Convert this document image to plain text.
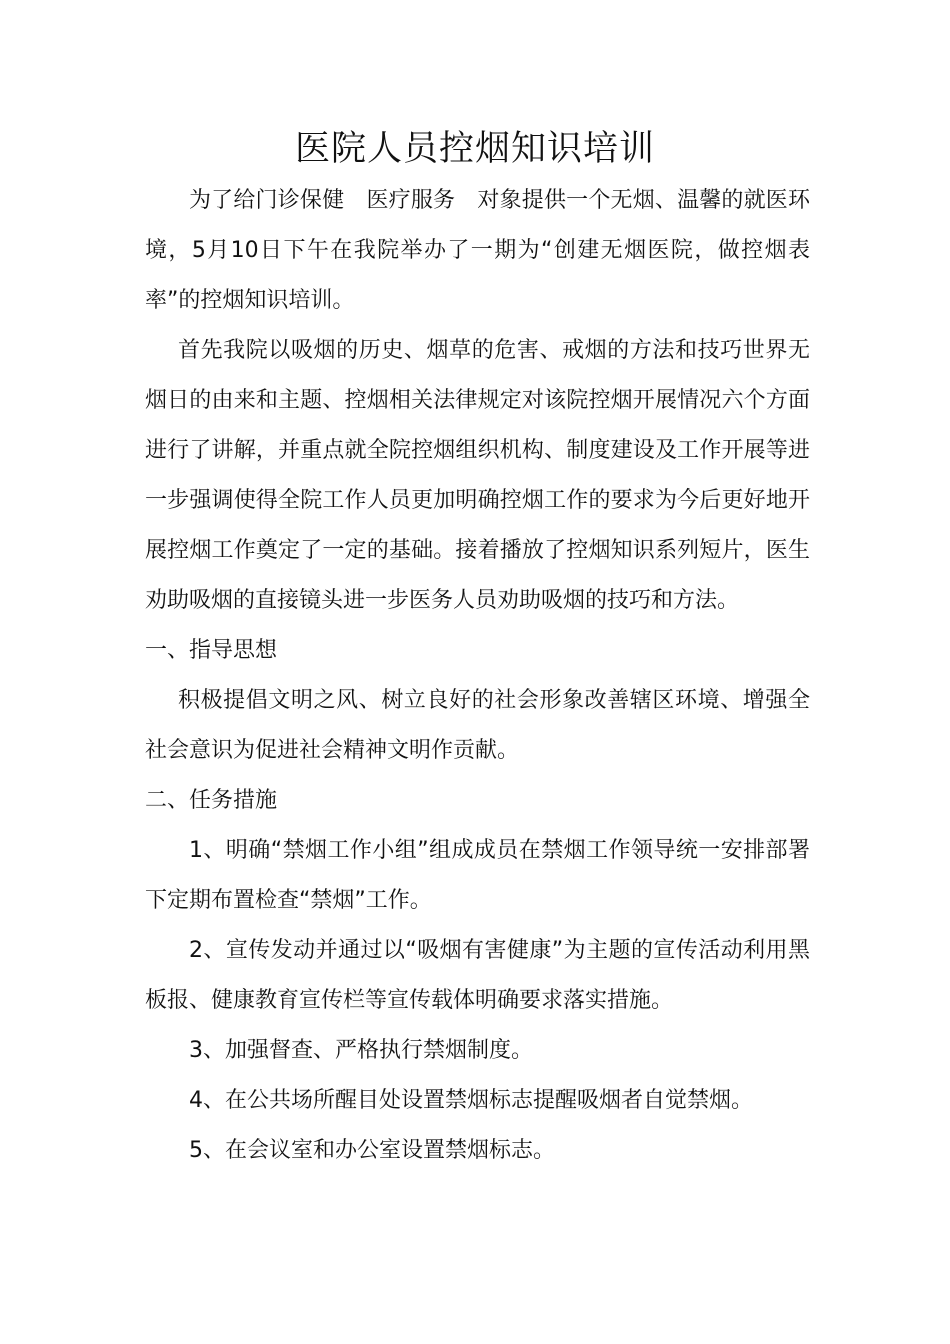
医院人员控烟知识培训

为了给门诊保健　医疗服务　对象提供一个无烟、温馨的就医环境，5月10日下午在我院举办了一期为“创建无烟医院，做控烟表率”的控烟知识培训。

首先我院以吸烟的历史、烟草的危害、戒烟的方法和技巧世界无烟日的由来和主题、控烟相关法律规定对该院控烟开展情况六个方面进行了讲解，并重点就全院控烟组织机构、制度建设及工作开展等进一步强调使得全院工作人员更加明确控烟工作的要求为今后更好地开展控烟工作奠定了一定的基础。接着播放了控烟知识系列短片，医生劝助吸烟的直接镜头进一步医务人员劝助吸烟的技巧和方法。

一、指导思想

积极提倡文明之风、树立良好的社会形象改善辖区环境、增强全社会意识为促进社会精神文明作贡献。

二、任务措施

1、明确“禁烟工作小组”组成成员在禁烟工作领导统一安排部署下定期布置检查“禁烟”工作。

2、宣传发动并通过以“吸烟有害健康”为主题的宣传活动利用黑板报、健康教育宣传栏等宣传载体明确要求落实措施。

3、加强督查、严格执行禁烟制度。

4、在公共场所醒目处设置禁烟标志提醒吸烟者自觉禁烟。

5、在会议室和办公室设置禁烟标志。
